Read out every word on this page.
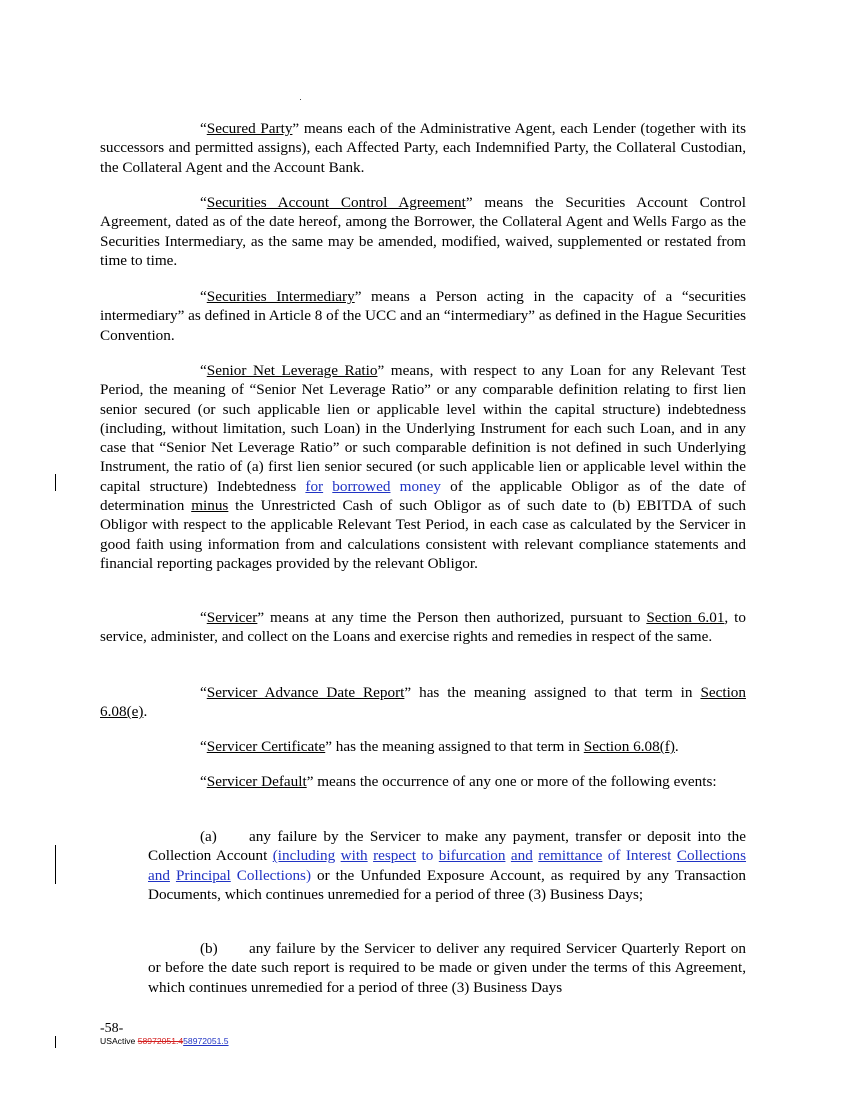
“Secured Party” means each of the Administrative Agent, each Lender (together with its successors and permitted assigns), each Affected Party, each Indemnified Party, the Collateral Custodian, the Collateral Agent and the Account Bank.

“Securities Account Control Agreement” means the Securities Account Control Agreement, dated as of the date hereof, among the Borrower, the Collateral Agent and Wells Fargo as the Securities Intermediary, as the same may be amended, modified, waived, supplemented or restated from time to time.

“Securities Intermediary” means a Person acting in the capacity of a “securities intermediary” as defined in Article 8 of the UCC and an “intermediary” as defined in the Hague Securities Convention.

“Senior Net Leverage Ratio” means, with respect to any Loan for any Relevant Test Period, the meaning of “Senior Net Leverage Ratio” or any comparable definition relating to first lien senior secured (or such applicable lien or applicable level within the capital structure) indebtedness (including, without limitation, such Loan) in the Underlying Instrument for each such Loan, and in any case that “Senior Net Leverage Ratio” or such comparable definition is not defined in such Underlying Instrument, the ratio of (a) first lien senior secured (or such applicable lien or applicable level within the capital structure) Indebtedness for borrowed money of the applicable Obligor as of the date of determination minus the Unrestricted Cash of such Obligor as of such date to (b) EBITDA of such Obligor with respect to the applicable Relevant Test Period, in each case as calculated by the Servicer in good faith using information from and calculations consistent with relevant compliance statements and financial reporting packages provided by the relevant Obligor.

“Servicer” means at any time the Person then authorized, pursuant to Section 6.01, to service, administer, and collect on the Loans and exercise rights and remedies in respect of the same.

“Servicer Advance Date Report” has the meaning assigned to that term in Section 6.08(e).

“Servicer Certificate” has the meaning assigned to that term in Section 6.08(f).

“Servicer Default” means the occurrence of any one or more of the following events:

(a) any failure by the Servicer to make any payment, transfer or deposit into the Collection Account (including with respect to bifurcation and remittance of Interest Collections and Principal Collections) or the Unfunded Exposure Account, as required by any Transaction Documents, which continues unremedied for a period of three (3) Business Days;

(b) any failure by the Servicer to deliver any required Servicer Quarterly Report on or before the date such report is required to be made or given under the terms of this Agreement, which continues unremedied for a period of three (3) Business Days

-58-
USActive 58972051.458972051.5
